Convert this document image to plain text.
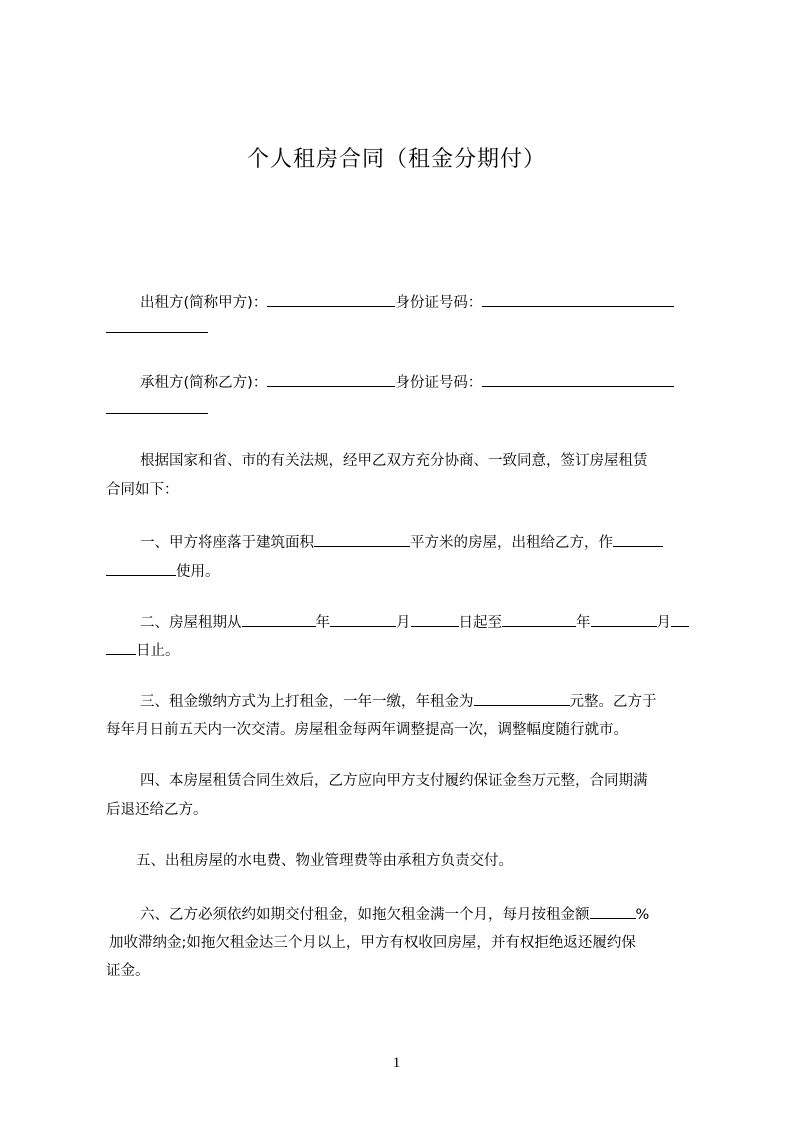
个人租房合同（租金分期付）
出租方(简称甲方)：	身份证号码：
承租方(简称乙方)：	身份证号码：
根据国家和省、市的有关法规，经甲乙双方充分协商、一致同意，签订房屋租赁
合同如下：
一、甲方将座落于建筑面积	平方米的房屋，出租给乙方，作
使用。
二、房屋租期从	年	月	日起至	年	月
日止。
三、租金缴纳方式为上打租金，一年一缴，年租金为	元整。乙方于
每年月日前五天内一次交清。房屋租金每两年调整提高一次，调整幅度随行就市。
四、本房屋租赁合同生效后，乙方应向甲方支付履约保证金叁万元整，合同期满
后退还给乙方。
五、出租房屋的水电费、物业管理费等由承租方负责交付。
六、乙方必须依约如期交付租金，如拖欠租金满一个月，每月按租金额	%
加收滞纳金;如拖欠租金达三个月以上，甲方有权收回房屋，并有权拒绝返还履约保
证金。
1
